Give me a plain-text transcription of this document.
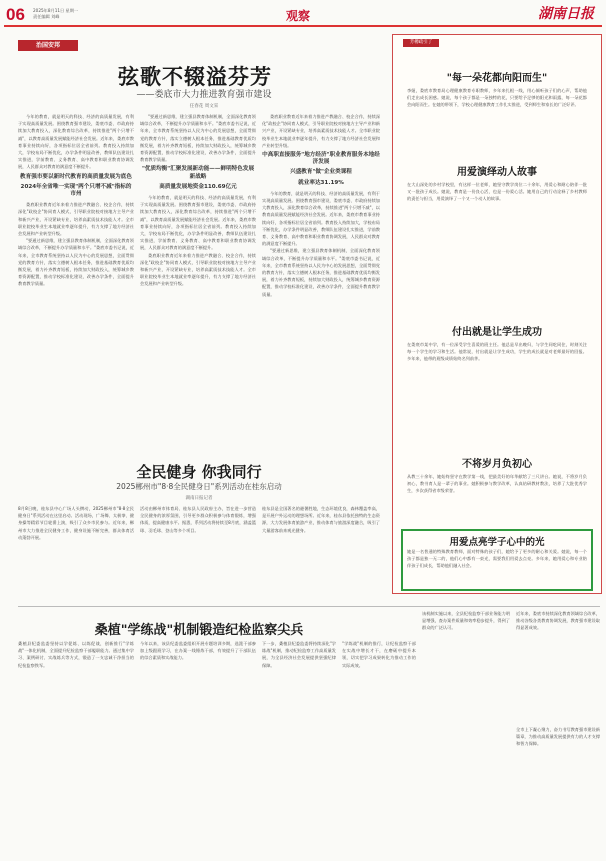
06 2025年8月11日 星期一
责任编辑 刘峰	观察	湖南日报
治国安邦
弦歌不辍溢芬芳
——娄底市大力推进教育强市建设
任春花 周文采

今年的教育，就是明天的科技、经济的高质量发展，有利于实现高质量发展。围绕教育强市建设，娄底市委、市政府持续加大教育投入，深化教育综合改革，持续推进"两个只增不减"，以教育高质量发展赋能经济社会发展。近年来，娄底市教育事业持续向好，各项指标位居全省前列。教育投入持续加大，学校布局不断优化，办学条件明显改善，教师队伍建设扎实推进，学前教育、义务教育、高中教育和职业教育协调发展，人民群众对教育的满意度不断提升。

教育强市要以新时代教育的高质量发展为底色
2024年全省唯一实现"两个只增不减"指标的市州

娄底职业教育近年来着力推进产教融合、校企合作，持续深化"政校企"协同育人模式，引导职业院校对接地方主导产业和新兴产业，开设紧缺专业，培养高素质技术技能人才。全市职业院校毕业生本地就业率逐年提升，有力支撑了地方经济社会发展和产业转型升级。

"要通过新思维，建立强县教育体制机制，全面深化教育领域综合改革，不断提升办学质量和水平。"娄底市委书记说，近年来，全市教育系统坚持以人民为中心的发展思想，全面贯彻党的教育方针，落实立德树人根本任务，推进基础教育优质均衡发展，着力补齐教育短板，持续加大财政投入，统筹城乡教育资源配置，推动学校标准化建设，改善办学条件，全面提升教育教学质量。

"要通过新思维，建立强县教育体制机制，全面深化教育领域综合改革，不断提升办学质量和水平。"娄底市委书记说，近年来，全市教育系统坚持以人民为中心的发展思想，全面贯彻党的教育方针，落实立德树人根本任务，推进基础教育优质均衡发展，着力补齐教育短板，持续加大财政投入，统筹城乡教育资源配置，推动学校标准化建设，改善办学条件，全面提升教育教学质量。

"优质均衡"汇聚发展新动能——鲜明特色发展新战略
高质量发展地资金110.69亿元

今年的教育，就是明天的科技、经济的高质量发展，有利于实现高质量发展。围绕教育强市建设，娄底市委、市政府持续加大教育投入，深化教育综合改革，持续推进"两个只增不减"，以教育高质量发展赋能经济社会发展。近年来，娄底市教育事业持续向好，各项指标位居全省前列。教育投入持续加大，学校布局不断优化，办学条件明显改善，教师队伍建设扎实推进，学前教育、义务教育、高中教育和职业教育协调发展，人民群众对教育的满意度不断提升。

娄底职业教育近年来着力推进产教融合、校企合作，持续深化"政校企"协同育人模式，引导职业院校对接地方主导产业和新兴产业，开设紧缺专业，培养高素质技术技能人才。全市职业院校毕业生本地就业率逐年提升，有力支撑了地方经济社会发展和产业转型升级。

娄底职业教育近年来着力推进产教融合、校企合作，持续深化"政校企"协同育人模式，引导职业院校对接地方主导产业和新兴产业，开设紧缺专业，培养高素质技术技能人才。全市职业院校毕业生本地就业率逐年提升，有力支撑了地方经济社会发展和产业转型升级。

中高职直接服务"地方经济"职业教育服务本地经济发展
兴盛教育"做"企业类课程
就业率达31.19%

今年的教育，就是明天的科技、经济的高质量发展，有利于实现高质量发展。围绕教育强市建设，娄底市委、市政府持续加大教育投入，深化教育综合改革，持续推进"两个只增不减"，以教育高质量发展赋能经济社会发展。近年来，娄底市教育事业持续向好，各项指标位居全省前列。教育投入持续加大，学校布局不断优化，办学条件明显改善，教师队伍建设扎实推进，学前教育、义务教育、高中教育和职业教育协调发展，人民群众对教育的满意度不断提升。

"要通过新思维，建立强县教育体制机制，全面深化教育领域综合改革，不断提升办学质量和水平。"娄底市委书记说，近年来，全市教育系统坚持以人民为中心的发展思想，全面贯彻党的教育方针，落实立德树人根本任务，推进基础教育优质均衡发展，着力补齐教育短板，持续加大财政投入，统筹城乡教育资源配置，推动学校标准化建设，改善办学条件，全面提升教育教学质量。

芳樽疏引了
"每一朵花都向阳而生"
李娅，娄底市教育局心理健康教育专职教师，多年来扎根一线，用心倾听孩子们的心声，帮助他们走出成长困惑。她说，每个孩子都是一朵独特的花，只要给予足够的阳光和雨露，每一朵花都会向阳而生。在她的带领下，学校心理健康教育工作扎实推进，受到师生和家长的广泛好评。
用爱演绎动人故事
在大山深处的乡村学校里，有这样一位老师，她坚守教学岗位二十余年，用爱心和耐心陪伴一批又一批孩子成长。她说，教育是一份良心活，也是一份爱心活。她用自己的行动诠释了乡村教师的责任与担当，用爱演绎了一个又一个动人的故事。
付出就是让学生成功
在娄底市某中学，有一位深受学生喜爱的班主任。他总是早出晚归，与学生同吃同住，时刻关注每一个学生的学习和生活。他常说，付出就是让学生成功，学生的成长就是对老师最好的回报。多年来，他带的班级成绩始终名列前茅。
不将岁月负初心
从教三十余年，她始终坚守在教学第一线，把最美好的年华献给了三尺讲台。她说，不将岁月负初心，教书育人是一辈子的事业。她积极参与教学改革，认真钻研教材教法，培养了大批优秀学生，多次获得省市级荣誉。
用爱点亮学子心中的光
她是一名普通的特殊教育教师，面对特殊的孩子们，她给予了更多的耐心和关爱。她说，每一个孩子都是独一无二的，他们心中都有一束光，需要我们用爱去点亮。多年来，她用爱心和专业陪伴孩子们成长，帮助他们融入社会。
全民健身 你我同行
2025郴州市"8·8全民健身日"系列活动在桂东启动
湖南日报记者
8月8日晚，桂东县中心广场人头攒动，2025郴州市"8·8全民健身日"系列活动在这里启动。活动现场，广场舞、太极拳、健身操等精彩节目轮番上演，吸引了众多市民参与。近年来，郴州市大力推进全民健身工作，健身设施不断完善，群众体育活动蓬勃开展。
活动由郴州市体育局、桂东县人民政府主办，旨在进一步营造全民健身的浓厚氛围，引导更多群众积极参与体育锻炼，增强体质，提高健康水平。据悉，系列活动将持续至8月底，涵盖篮球、羽毛球、登山等多个项目。
桂东县是全国著名的避暑胜地，生态环境优良，森林覆盖率高，是开展户外运动的理想场所。近年来，桂东县依托独特的生态资源，大力发展体育旅游产业，推动体育与旅游深度融合，吸引了大量游客前来观光健身。
桑植"学练战"机制锻造纪检监察尖兵
桑植县纪委监委坚持以学促练、以练促战，创新推行"学练战"一体化机制，全面提升纪检监察干部履职能力。通过集中学习、案例研讨、实战练兵等方式，锻造了一支忠诚干净担当的纪检监察铁军。
今年以来，该县纪委监委组织开展专题培训多期，选派干部参加上级跟班学习，在办案一线锤炼干部，有效提升了干部队伍的综合素质和实战能力。
下一步，桑植县纪委监委将持续深化"学练战"机制，推动纪检监察工作高质量发展，为全县经济社会发展提供坚强纪律保障。
"学练战"机制的推行，让纪检监察干部在实战中增长才干，在磨砺中提升本领，切实把学习成果转化为推动工作的实际成效。
该机制实施以来，全县纪检监察干部业务能力明显增强，查办案件质量和效率稳步提升，得到了群众的广泛认可。
近年来，娄底市持续深化教育领域综合改革，推动各级各类教育协调发展，教育强市建设取得显著成效。
全市上下凝心聚力，奋力书写教育强市建设新篇章，为推动高质量发展提供有力的人才支撑和智力保障。
